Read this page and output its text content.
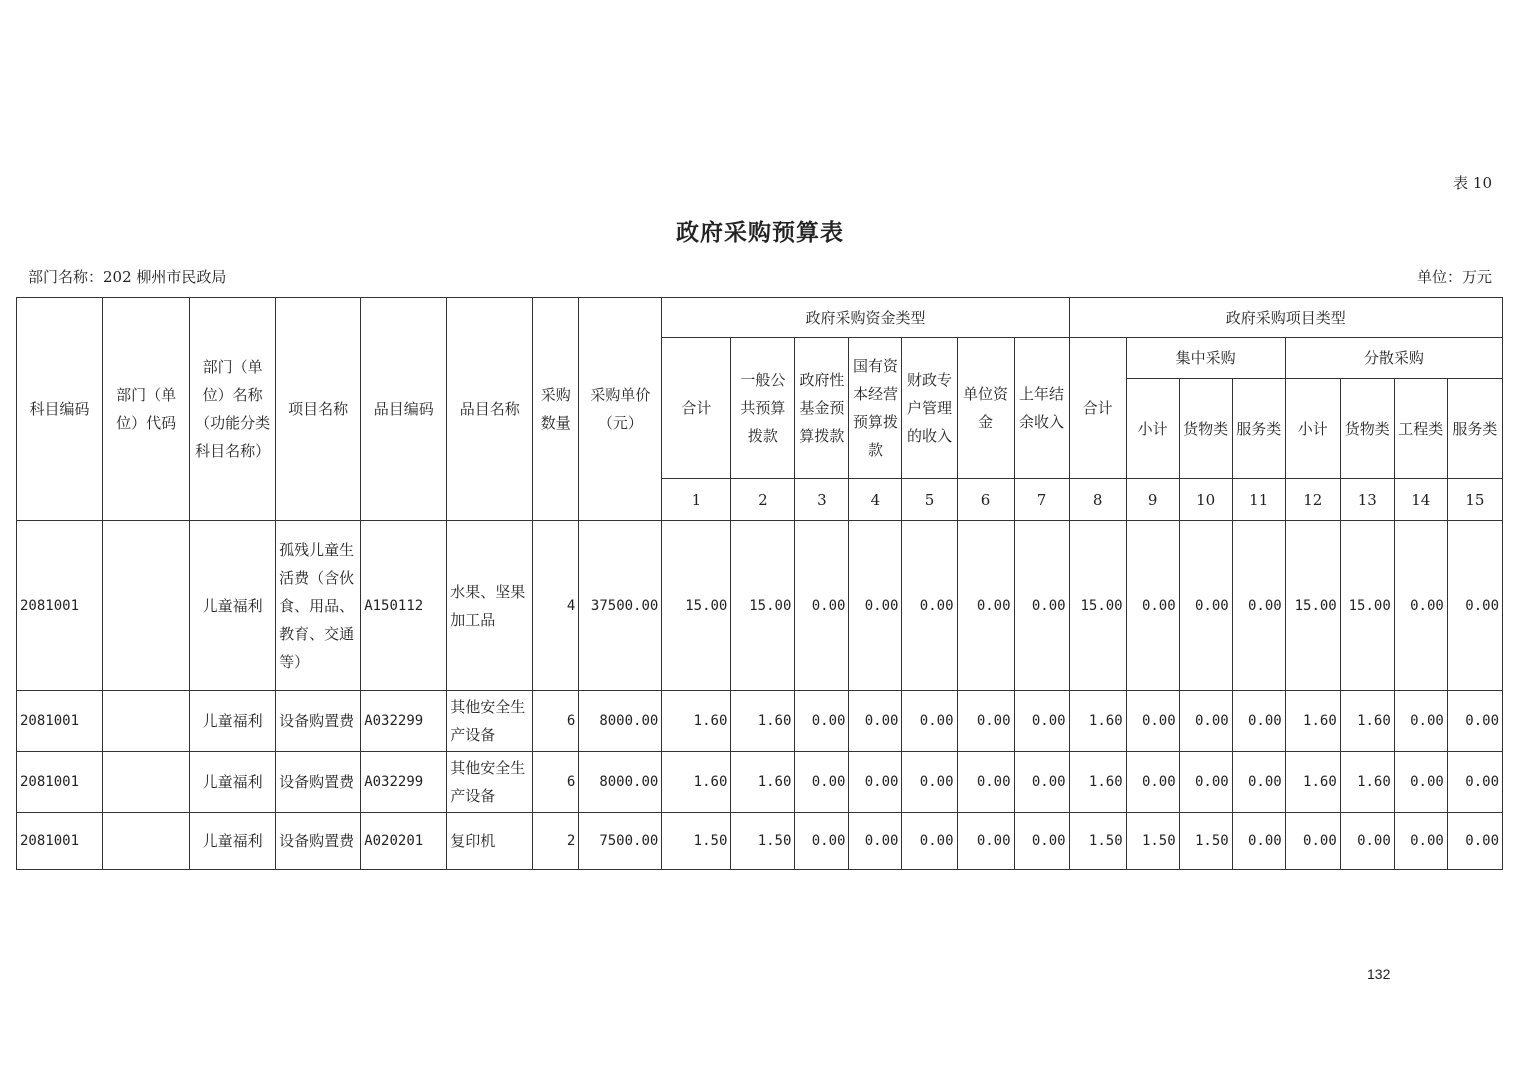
表 10
政府采购预算表
部门名称：202 柳州市民政局	单位：万元
科目编码	部门（单位）代码	部门（单位）名称（功能分类科目名称）	项目名称	品目编码	品目名称	采购数量	采购单价（元）	政府采购资金类型							政府采购项目类型							
								合计	一般公共预算拨款	政府性基金预算拨款	国有资本经营预算拨款	财政专户管理的收入	单位资金	上年结余收入	合计	集中采购			分散采购			
																小计	货物类	服务类	小计	货物类	工程类	服务类
								1	2	3	4	5	6	7	8	9	10	11	12	13	14	15
2081001		儿童福利	孤残儿童生活费（含伙食、用品、教育、交通等）	A150112	水果、坚果加工品	4	37500.00	15.00	15.00	0.00	0.00	0.00	0.00	0.00	15.00	0.00	0.00	0.00	15.00	15.00	0.00	0.00
2081001		儿童福利	设备购置费	A032299	其他安全生产设备	6	8000.00	1.60	1.60	0.00	0.00	0.00	0.00	0.00	1.60	0.00	0.00	0.00	1.60	1.60	0.00	0.00
2081001		儿童福利	设备购置费	A032299	其他安全生产设备	6	8000.00	1.60	1.60	0.00	0.00	0.00	0.00	0.00	1.60	0.00	0.00	0.00	1.60	1.60	0.00	0.00
2081001		儿童福利	设备购置费	A020201	复印机	2	7500.00	1.50	1.50	0.00	0.00	0.00	0.00	0.00	1.50	1.50	1.50	0.00	0.00	0.00	0.00	0.00
132
